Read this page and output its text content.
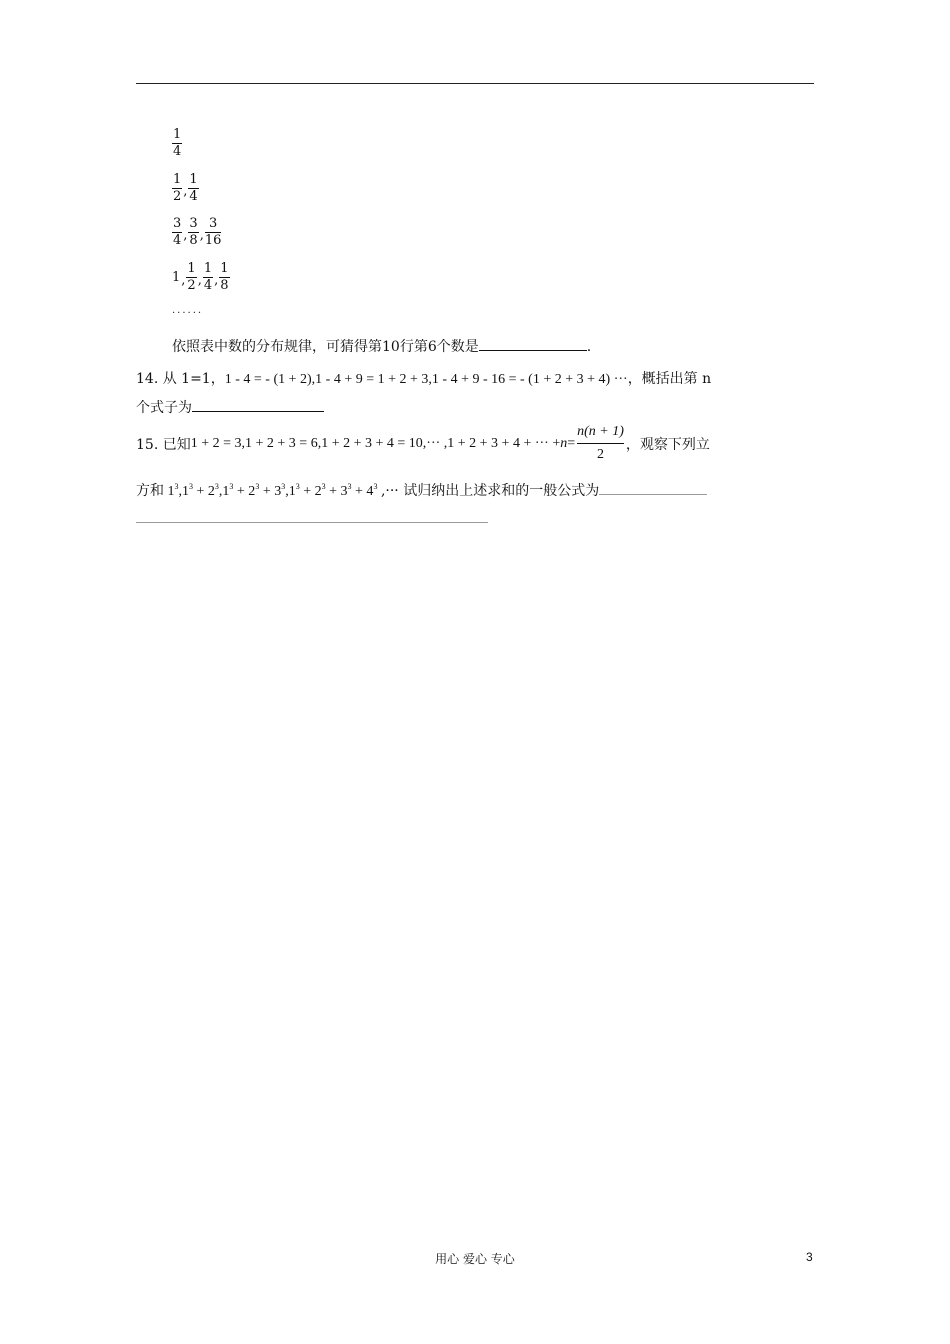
$\frac{1}{4}$
$\frac{1}{2}$ , $\frac{1}{4}$
$\frac{3}{4}$ , $\frac{3}{8}$ , $\frac{3}{16}$
1 , $\frac{1}{2}$ , $\frac{1}{4}$ , $\frac{1}{8}$
......
依照表中数的分布规律，可猜得第10行第6个数是	.
14. 从 1=1，1 - 4 = - (1 + 2),1 - 4 + 9 = 1 + 2 + 3,1 - 4 + 9 - 16 = - (1 + 2 + 3 + 4) ···，概括出第 n
个式子为
15. 已知 1 + 2 = 3,1 + 2 + 3 = 6,1 + 2 + 3 + 4 = 10,··· ,1 + 2 + 3 + 4 + ··· + n =
n(n + 1)
2
，观察下列立
方和 $1^3,1^3 + 2^3,1^3 + 2^3 + 3^3,1^3 + 2^3 + 3^3 + 4^3$ ,··· 试归纳出上述求和的一般公式为
用心 爱心 专心	3
